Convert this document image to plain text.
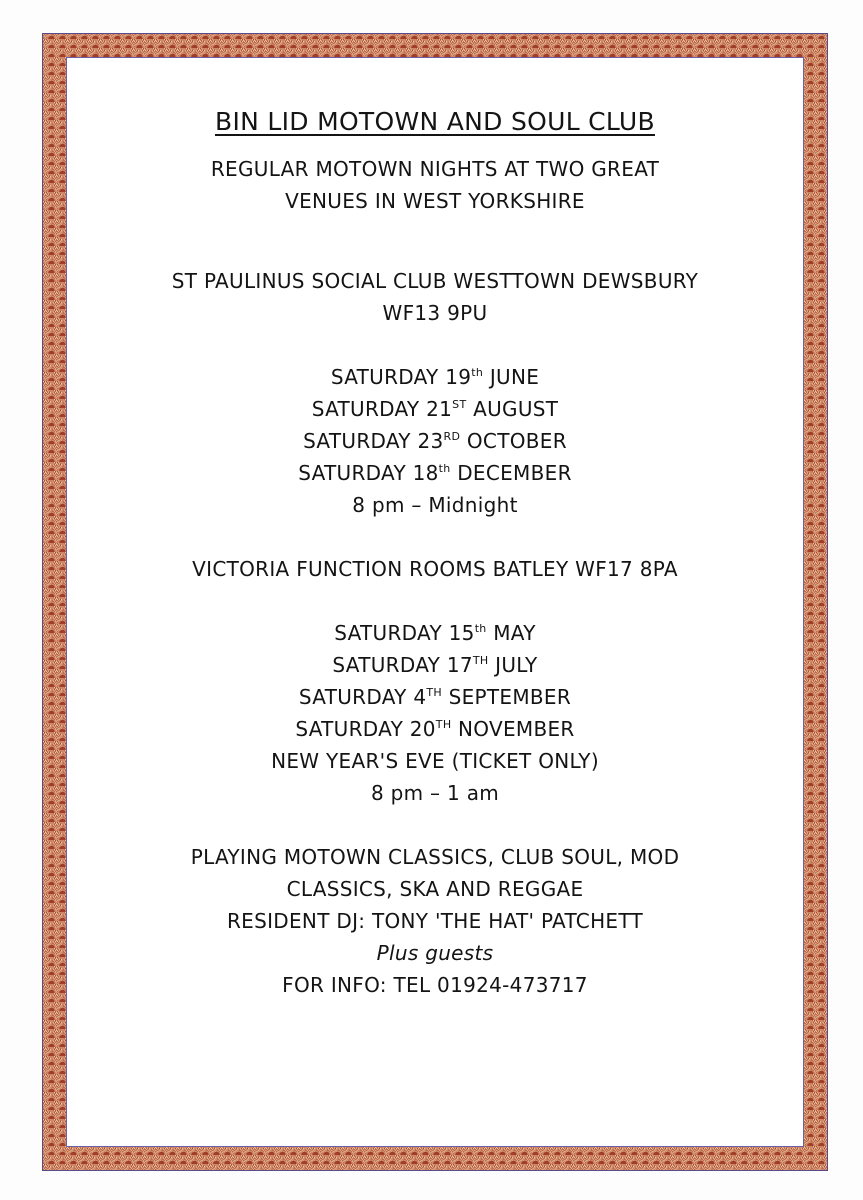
BIN LID MOTOWN AND SOUL CLUB

REGULAR MOTOWN NIGHTS AT TWO GREAT

VENUES IN WEST YORKSHIRE

ST PAULINUS SOCIAL CLUB WESTTOWN DEWSBURY

WF13 9PU

SATURDAY 19th JUNE

SATURDAY 21ST AUGUST

SATURDAY 23RD OCTOBER

SATURDAY 18th DECEMBER

8 pm – Midnight

VICTORIA FUNCTION ROOMS BATLEY WF17 8PA

SATURDAY 15th MAY

SATURDAY 17TH JULY

SATURDAY 4TH SEPTEMBER

SATURDAY 20TH NOVEMBER

NEW YEAR'S EVE (TICKET ONLY)

8 pm – 1 am

PLAYING MOTOWN CLASSICS, CLUB SOUL, MOD

CLASSICS, SKA AND REGGAE

RESIDENT DJ: TONY 'THE HAT' PATCHETT

Plus guests

FOR INFO: TEL 01924-473717
